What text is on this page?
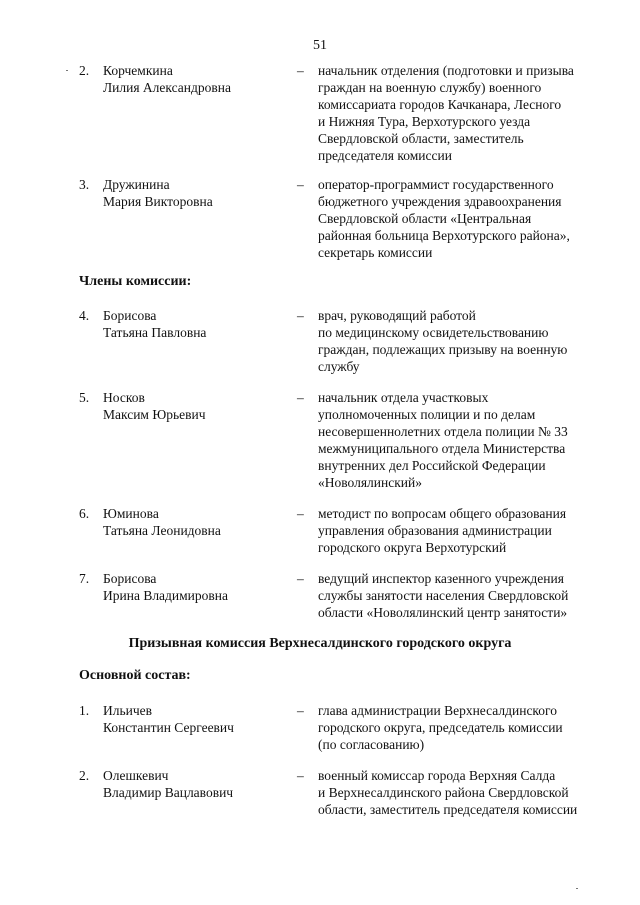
51
2.	Корчемкина
Лилия Александровна
– начальник отделения (подготовки и призыва
граждан на военную службу) военного
комиссариата городов Качканара, Лесного
и Нижняя Тура, Верхотурского уезда
Свердловской области, заместитель
председателя комиссии
3.	Дружинина
Мария Викторовна
– оператор-программист государственного
бюджетного учреждения здравоохранения
Свердловской области «Центральная
районная больница Верхотурского района»,
секретарь комиссии
Члены комиссии:
4.	Борисова
Татьяна Павловна
– врач, руководящий работой
по медицинскому освидетельствованию
граждан, подлежащих призыву на военную
службу
5.	Носков
Максим Юрьевич
– начальник отдела участковых
уполномоченных полиции и по делам
несовершеннолетних отдела полиции № 33
межмуниципального отдела Министерства
внутренних дел Российской Федерации
«Новолялинский»
6.	Юминова
Татьяна Леонидовна
– методист по вопросам общего образования
управления образования администрации
городского округа Верхотурский
7.	Борисова
Ирина Владимировна
– ведущий инспектор казенного учреждения
службы занятости населения Свердловской
области «Новолялинский центр занятости»
Призывная комиссия Верхнесалдинского городского округа
Основной состав:
1.	Ильичев
Константин Сергеевич
– глава администрации Верхнесалдинского
городского округа, председатель комиссии
(по согласованию)
2.	Олешкевич
Владимир Вацлавович
– военный комиссар города Верхняя Салда
и Верхнесалдинского района Свердловской
области, заместитель председателя комиссии
